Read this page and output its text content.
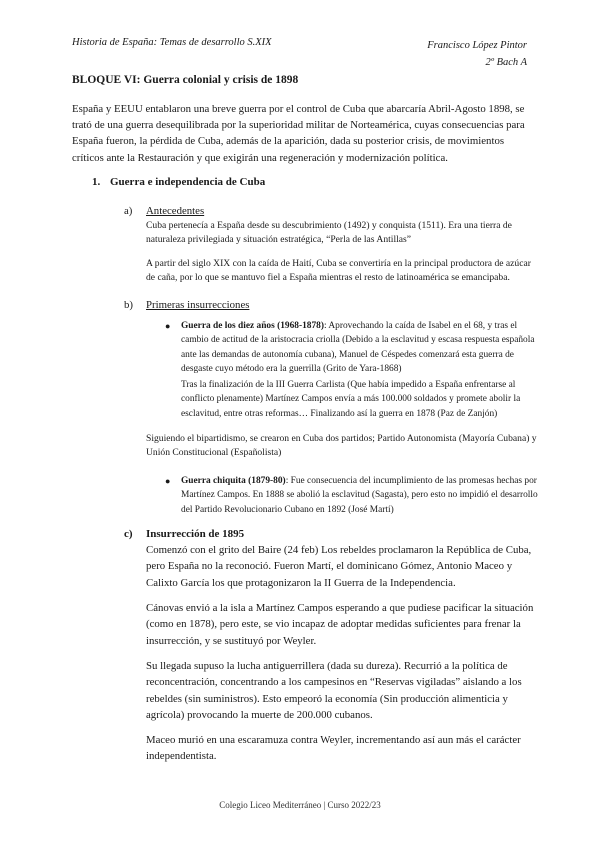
Historia de España: Temas de desarrollo S.XIX	Francisco López Pintor
2º Bach A
BLOQUE VI: Guerra colonial y crisis de 1898
España y EEUU entablaron una breve guerra por el control de Cuba que abarcaría Abril-Agosto 1898, se trató de una guerra desequilibrada por la superioridad militar de Norteamérica, cuyas consecuencias para España fueron, la pérdida de Cuba, además de la aparición, dada su posterior crisis, de movimientos críticos ante la Restauración y que exigirán una regeneración y modernización política.
1. Guerra e independencia de Cuba
a) Antecedentes
Cuba pertenecía a España desde su descubrimiento (1492) y conquista (1511). Era una tierra de naturaleza privilegiada y situación estratégica, “Perla de las Antillas”
A partir del siglo XIX con la caída de Haití, Cuba se convertiría en la principal productora de azúcar de caña, por lo que se mantuvo fiel a España mientras el resto de latinoamérica se emancipaba.
b) Primeras insurrecciones
● Guerra de los diez años (1968-1878): Aprovechando la caída de Isabel en el 68, y tras el cambio de actitud de la aristocracia criolla (Debido a la esclavitud y escasa respuesta española ante las demandas de autonomía cubana), Manuel de Céspedes comenzará esta guerra de desgaste cuyo método era la guerrilla (Grito de Yara-1868)
Tras la finalización de la III Guerra Carlista (Que había impedido a España enfrentarse al conflicto plenamente) Martínez Campos envía a más 100.000 soldados y promete abolir la esclavitud, entre otras reformas… Finalizando así la guerra en 1878 (Paz de Zanjón)
Siguiendo el bipartidismo, se crearon en Cuba dos partidos; Partido Autonomista (Mayoría Cubana) y Unión Constitucional (Españolista)
● Guerra chiquita (1879-80): Fue consecuencia del incumplimiento de las promesas hechas por Martínez Campos. En 1888 se abolió la esclavitud (Sagasta), pero esto no impidió el desarrollo del Partido Revolucionario Cubano en 1892 (José Martí)
c) Insurrección de 1895
Comenzó con el grito del Baire (24 feb) Los rebeldes proclamaron la República de Cuba, pero España no la reconoció. Fueron Martí, el dominicano Gómez, Antonio Maceo y Calixto García los que protagonizaron la II Guerra de la Independencia.
Cánovas envió a la isla a Martínez Campos esperando a que pudiese pacificar la situación (como en 1878), pero este, se vio incapaz de adoptar medidas suficientes para frenar la insurrección, y se sustituyó por Weyler.
Su llegada supuso la lucha antiguerrillera (dada su dureza). Recurrió a la política de reconcentración, concentrando a los campesinos en “Reservas vigiladas” aislando a los rebeldes (sin suministros). Esto empeoró la economía (Sin producción alimenticia y agrícola) provocando la muerte de 200.000 cubanos.
Maceo murió en una escaramuza contra Weyler, incrementando así aun más el carácter independentista.
Colegio Liceo Mediterráneo | Curso 2022/23
